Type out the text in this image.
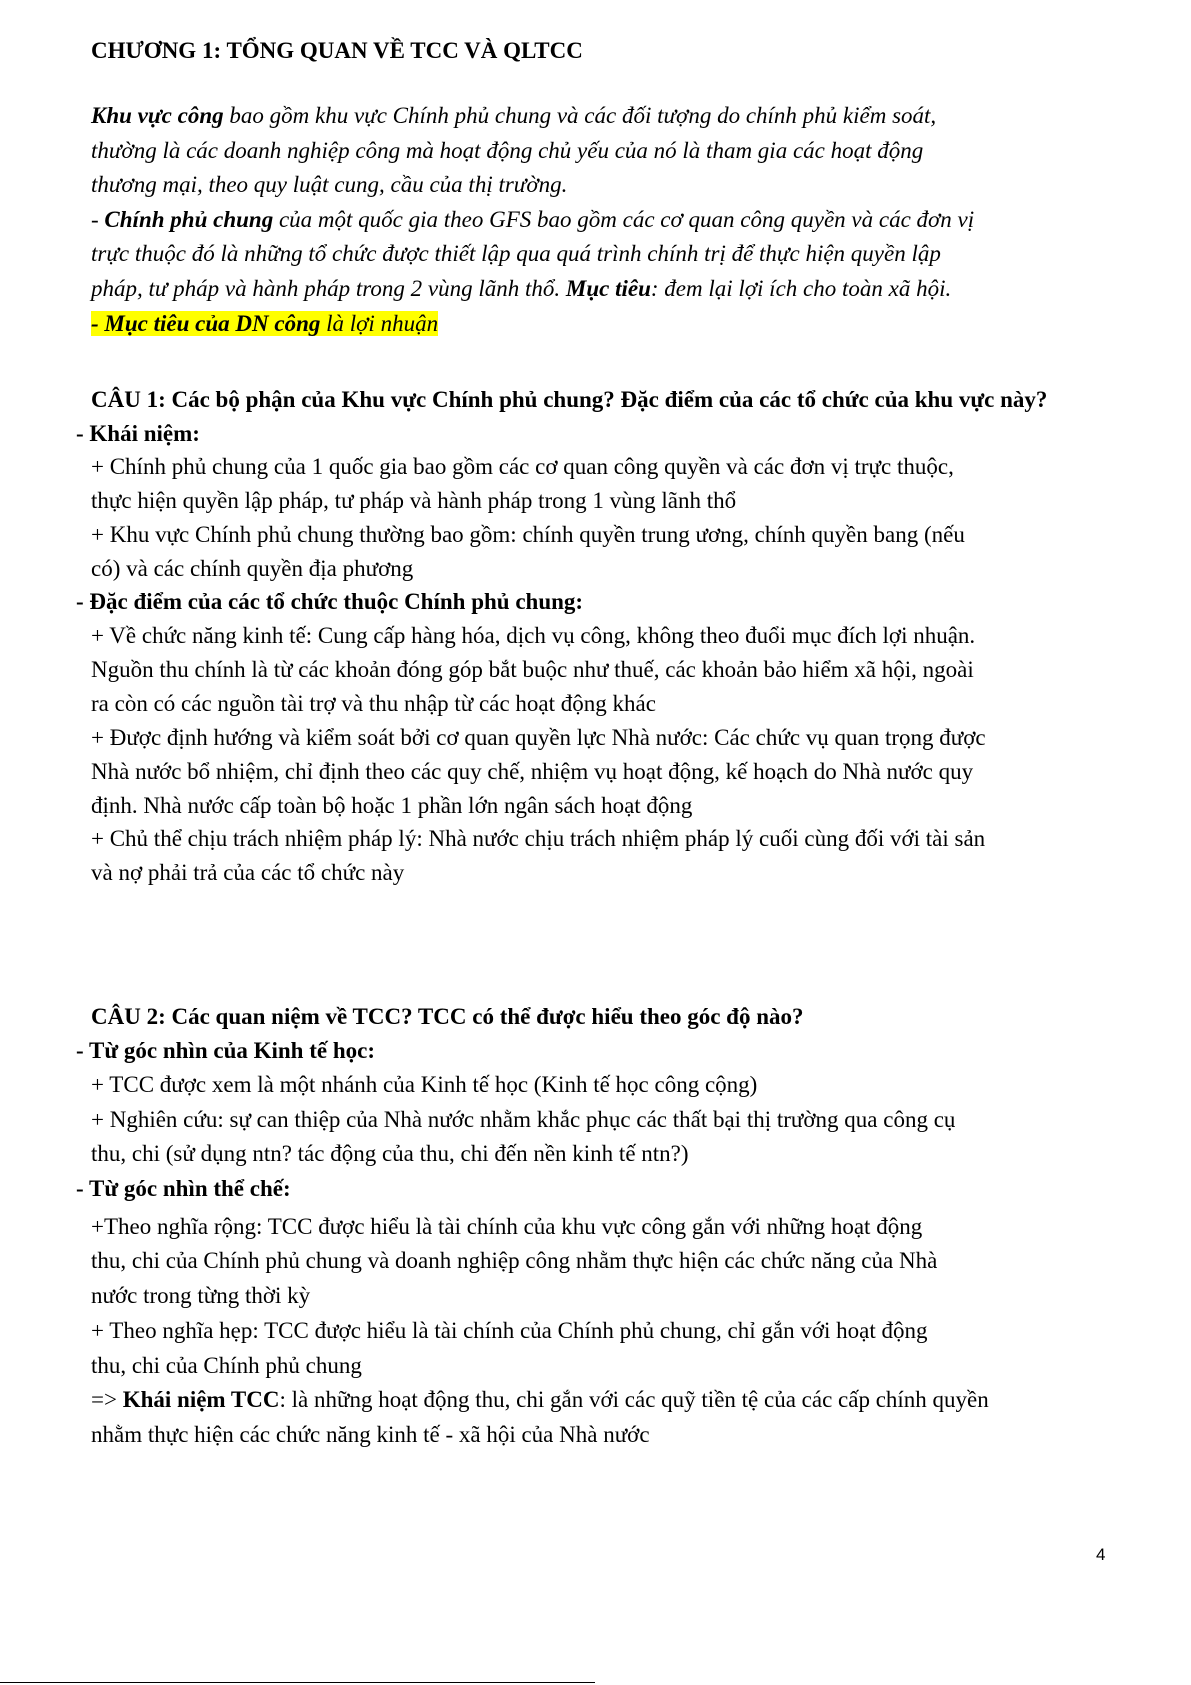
CHƯƠNG 1: TỔNG QUAN VỀ TCC VÀ QLTCC
Khu vực công bao gồm khu vực Chính phủ chung và các đối tượng do chính phủ kiểm soát,
thường là các doanh nghiệp công mà hoạt động chủ yếu của nó là tham gia các hoạt động
thương mại, theo quy luật cung, cầu của thị trường.
- Chính phủ chung của một quốc gia theo GFS bao gồm các cơ quan công quyền và các đơn vị
trực thuộc đó là những tổ chức được thiết lập qua quá trình chính trị để thực hiện quyền lập
pháp, tư pháp và hành pháp trong 2 vùng lãnh thổ. Mục tiêu: đem lại lợi ích cho toàn xã hội.
- Mục tiêu của DN công là lợi nhuận
CÂU 1: Các bộ phận của Khu vực Chính phủ chung? Đặc điểm của các tổ chức của khu vực này?
- Khái niệm:
+ Chính phủ chung của 1 quốc gia bao gồm các cơ quan công quyền và các đơn vị trực thuộc,
thực hiện quyền lập pháp, tư pháp và hành pháp trong 1 vùng lãnh thổ
+ Khu vực Chính phủ chung thường bao gồm: chính quyền trung ương, chính quyền bang (nếu
có) và các chính quyền địa phương
- Đặc điểm của các tổ chức thuộc Chính phủ chung:
+ Về chức năng kinh tế: Cung cấp hàng hóa, dịch vụ công, không theo đuổi mục đích lợi nhuận.
Nguồn thu chính là từ các khoản đóng góp bắt buộc như thuế, các khoản bảo hiểm xã hội, ngoài
ra còn có các nguồn tài trợ và thu nhập từ các hoạt động khác
+ Được định hướng và kiểm soát bởi cơ quan quyền lực Nhà nước: Các chức vụ quan trọng được
Nhà nước bổ nhiệm, chỉ định theo các quy chế, nhiệm vụ hoạt động, kế hoạch do Nhà nước quy
định. Nhà nước cấp toàn bộ hoặc 1 phần lớn ngân sách hoạt động
+ Chủ thể chịu trách nhiệm pháp lý: Nhà nước chịu trách nhiệm pháp lý cuối cùng đối với tài sản
và nợ phải trả của các tổ chức này
CÂU 2: Các quan niệm về TCC? TCC có thể được hiểu theo góc độ nào?
- Từ góc nhìn của Kinh tế học:
+ TCC được xem là một nhánh của Kinh tế học (Kinh tế học công cộng)
+ Nghiên cứu: sự can thiệp của Nhà nước nhằm khắc phục các thất bại thị trường qua công cụ
thu, chi (sử dụng ntn? tác động của thu, chi đến nền kinh tế ntn?)
- Từ góc nhìn thể chế:
+Theo nghĩa rộng: TCC được hiểu là tài chính của khu vực công gắn với những hoạt động
thu, chi của Chính phủ chung và doanh nghiệp công nhằm thực hiện các chức năng của Nhà
nước trong từng thời kỳ
+ Theo nghĩa hẹp: TCC được hiểu là tài chính của Chính phủ chung, chỉ gắn với hoạt động
thu, chi của Chính phủ chung
=> Khái niệm TCC: là những hoạt động thu, chi gắn với các quỹ tiền tệ của các cấp chính quyền
nhằm thực hiện các chức năng kinh tế - xã hội của Nhà nước
4
